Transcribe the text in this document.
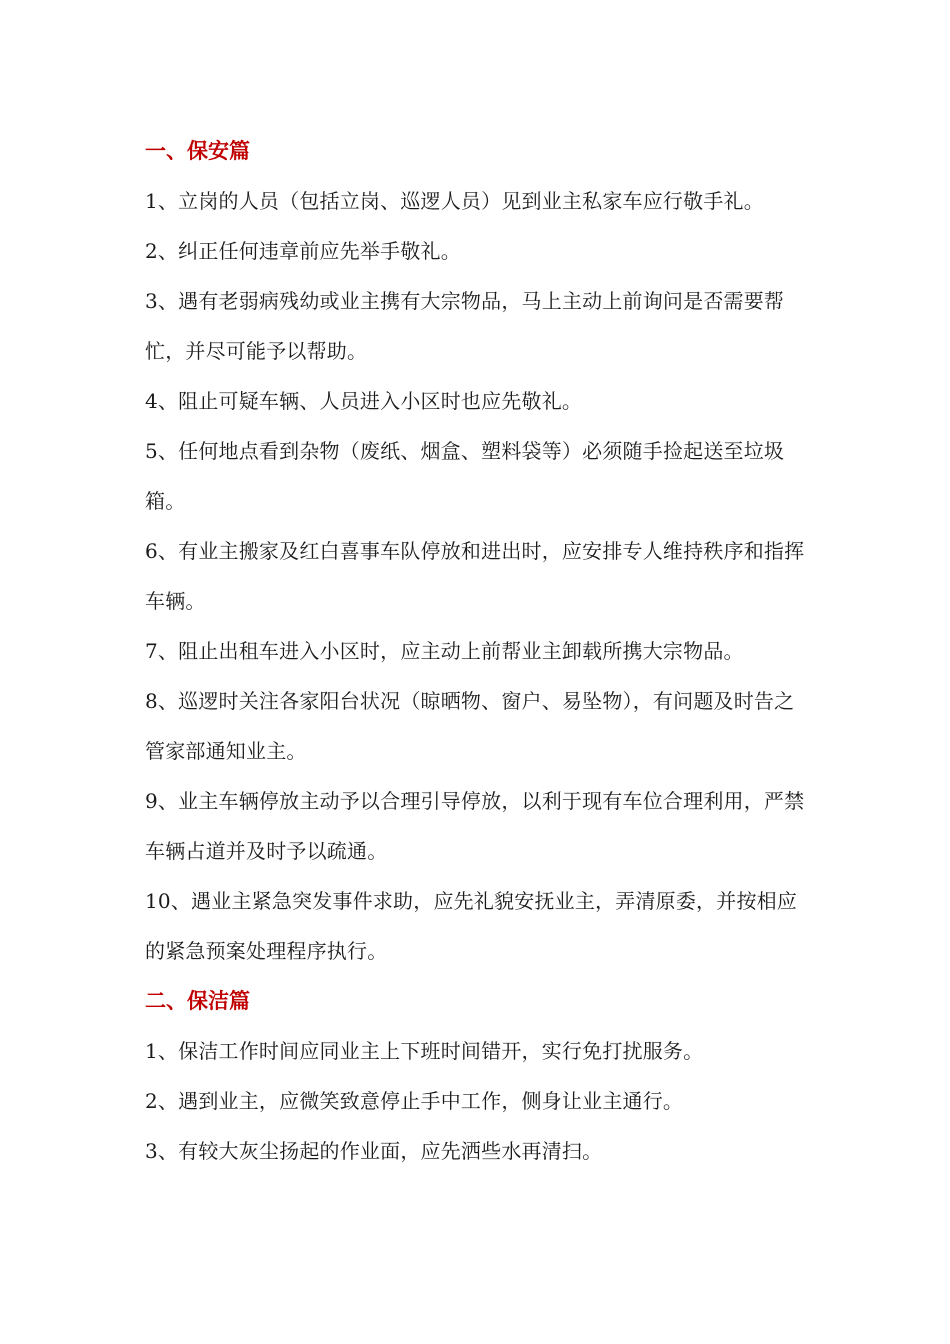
一、保安篇

1、立岗的人员（包括立岗、巡逻人员）见到业主私家车应行敬手礼。

2、纠正任何违章前应先举手敬礼。

3、遇有老弱病残幼或业主携有大宗物品，马上主动上前询问是否需要帮忙，并尽可能予以帮助。

4、阻止可疑车辆、人员进入小区时也应先敬礼。

5、任何地点看到杂物（废纸、烟盒、塑料袋等）必须随手捡起送至垃圾箱。

6、有业主搬家及红白喜事车队停放和进出时，应安排专人维持秩序和指挥车辆。

7、阻止出租车进入小区时，应主动上前帮业主卸载所携大宗物品。

8、巡逻时关注各家阳台状况（晾晒物、窗户、易坠物），有问题及时告之管家部通知业主。

9、业主车辆停放主动予以合理引导停放，以利于现有车位合理利用，严禁车辆占道并及时予以疏通。

10、遇业主紧急突发事件求助，应先礼貌安抚业主，弄清原委，并按相应的紧急预案处理程序执行。

二、保洁篇

1、保洁工作时间应同业主上下班时间错开，实行免打扰服务。

2、遇到业主，应微笑致意停止手中工作，侧身让业主通行。

3、有较大灰尘扬起的作业面，应先洒些水再清扫。
